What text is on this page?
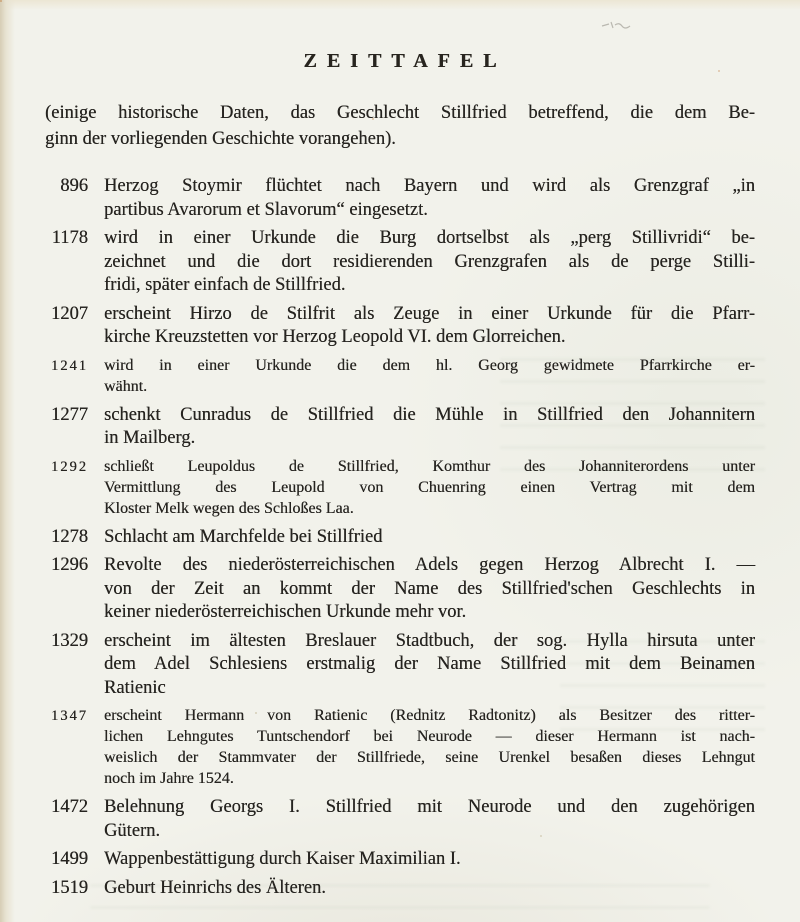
ZEITTAFEL

(einige historische Daten, das Geschlecht Stillfried betreffend, die dem Be-
ginn der vorliegenden Geschichte vorangehen).

896 Herzog Stoymir flüchtet nach Bayern und wird als Grenzgraf „in
partibus Avarorum et Slavorum“ eingesetzt.
1178 wird in einer Urkunde die Burg dortselbst als „perg Stillivridi“ be-
zeichnet und die dort residierenden Grenzgrafen als de perge Stilli-
fridi, später einfach de Stillfried.
1207 erscheint Hirzo de Stilfrit als Zeuge in einer Urkunde für die Pfarr-
kirche Kreuzstetten vor Herzog Leopold VI. dem Glorreichen.
1241	wird in einer Urkunde die dem hl. Georg gewidmete Pfarrkirche er-
wähnt.
1277 schenkt Cunradus de Stillfried die Mühle in Stillfried den Johannitern
in Mailberg.
1292	schließt Leupoldus de Stillfried, Komthur des Johanniterordens unter
Vermittlung des Leupold von Chuenring einen Vertrag mit dem
Kloster Melk wegen des Schloßes Laa.
1278 Schlacht am Marchfelde bei Stillfried
1296 Revolte des niederösterreichischen Adels gegen Herzog Albrecht I. —
von der Zeit an kommt der Name des Stillfried'schen Geschlechts in
keiner niederösterreichischen Urkunde mehr vor.
1329 erscheint im ältesten Breslauer Stadtbuch, der sog. Hylla hirsuta unter
dem Adel Schlesiens erstmalig der Name Stillfried mit dem Beinamen
Ratienic
1347	erscheint Hermann von Ratienic (Rednitz Radtonitz) als Besitzer des ritter-
lichen Lehngutes Tuntschendorf bei Neurode — dieser Hermann ist nach-
weislich der Stammvater der Stillfriede, seine Urenkel besaßen dieses Lehngut
noch im Jahre 1524.
1472 Belehnung Georgs I. Stillfried mit Neurode und den zugehörigen
Gütern.
1499 Wappenbestättigung durch Kaiser Maximilian I.
1519 Geburt Heinrichs des Älteren.
